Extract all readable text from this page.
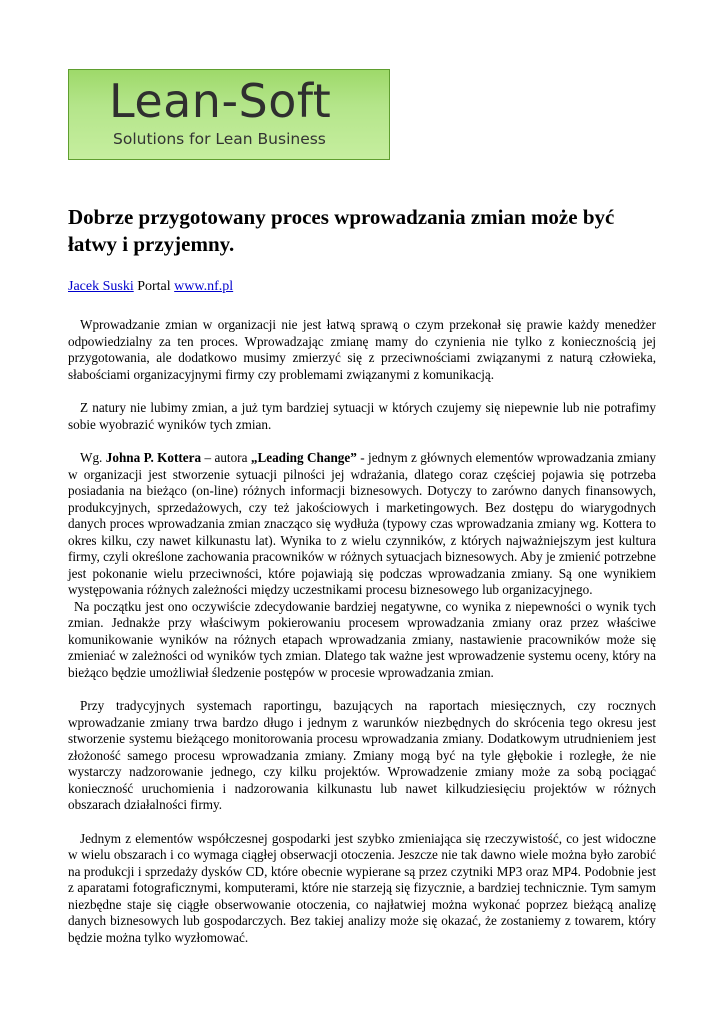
Lean-Soft

Solutions for Lean Business

Dobrze przygotowany proces wprowadzania zmian może być łatwy i przyjemny.

Jacek Suski Portal www.nf.pl

Wprowadzanie zmian w organizacji nie jest łatwą sprawą o czym przekonał się prawie każdy menedżer odpowiedzialny za ten proces. Wprowadzając zmianę mamy do czynienia nie tylko z koniecznością jej przygotowania, ale dodatkowo musimy zmierzyć się z przeciwnościami związanymi z naturą człowieka, słabościami organizacyjnymi firmy czy problemami związanymi z komunikacją.

Z natury nie lubimy zmian, a już tym bardziej sytuacji w których czujemy się niepewnie lub nie potrafimy sobie wyobrazić wyników tych zmian.

Wg. Johna P. Kottera – autora „Leading Change” - jednym z głównych elementów wprowadzania zmiany w organizacji jest stworzenie sytuacji pilności jej wdrażania, dlatego coraz częściej pojawia się potrzeba posiadania na bieżąco (on-line) różnych informacji biznesowych. Dotyczy to zarówno danych finansowych, produkcyjnych, sprzedażowych, czy też jakościowych i marketingowych. Bez dostępu do wiarygodnych danych proces wprowadzania zmian znacząco się wydłuża (typowy czas wprowadzania zmiany wg. Kottera to okres kilku, czy nawet kilkunastu lat). Wynika to z wielu czynników, z których najważniejszym jest kultura firmy, czyli określone zachowania pracowników w różnych sytuacjach biznesowych. Aby je zmienić potrzebne jest pokonanie wielu przeciwności, które pojawiają się podczas wprowadzania zmiany. Są one wynikiem występowania różnych zależności między uczestnikami procesu biznesowego lub organizacyjnego.

Na początku jest ono oczywiście zdecydowanie bardziej negatywne, co wynika z niepewności o wynik tych zmian. Jednakże przy właściwym pokierowaniu procesem wprowadzania zmiany oraz przez właściwe komunikowanie wyników na różnych etapach wprowadzania zmiany, nastawienie pracowników może się zmieniać w zależności od wyników tych zmian. Dlatego tak ważne jest wprowadzenie systemu oceny, który na bieżąco będzie umożliwiał śledzenie postępów w procesie wprowadzania zmian.

Przy tradycyjnych systemach raportingu, bazujących na raportach miesięcznych, czy rocznych wprowadzanie zmiany trwa bardzo długo i jednym z warunków niezbędnych do skrócenia tego okresu jest stworzenie systemu bieżącego monitorowania procesu wprowadzania zmiany. Dodatkowym utrudnieniem jest złożoność samego procesu wprowadzania zmiany. Zmiany mogą być na tyle głębokie i rozległe, że nie wystarczy nadzorowanie jednego, czy kilku projektów. Wprowadzenie zmiany może za sobą pociągać konieczność uruchomienia i nadzorowania kilkunastu lub nawet kilkudziesięciu projektów w różnych obszarach działalności firmy.

Jednym z elementów współczesnej gospodarki jest szybko zmieniająca się rzeczywistość, co jest widoczne w wielu obszarach i co wymaga ciągłej obserwacji otoczenia. Jeszcze nie tak dawno wiele można było zarobić na produkcji i sprzedaży dysków CD, które obecnie wypierane są przez czytniki MP3 oraz MP4. Podobnie jest z aparatami fotograficznymi, komputerami, które nie starzeją się fizycznie, a bardziej technicznie. Tym samym niezbędne staje się ciągłe obserwowanie otoczenia, co najłatwiej można wykonać poprzez bieżącą analizę danych biznesowych lub gospodarczych. Bez takiej analizy może się okazać, że zostaniemy z towarem, który będzie można tylko wyzłomować.
